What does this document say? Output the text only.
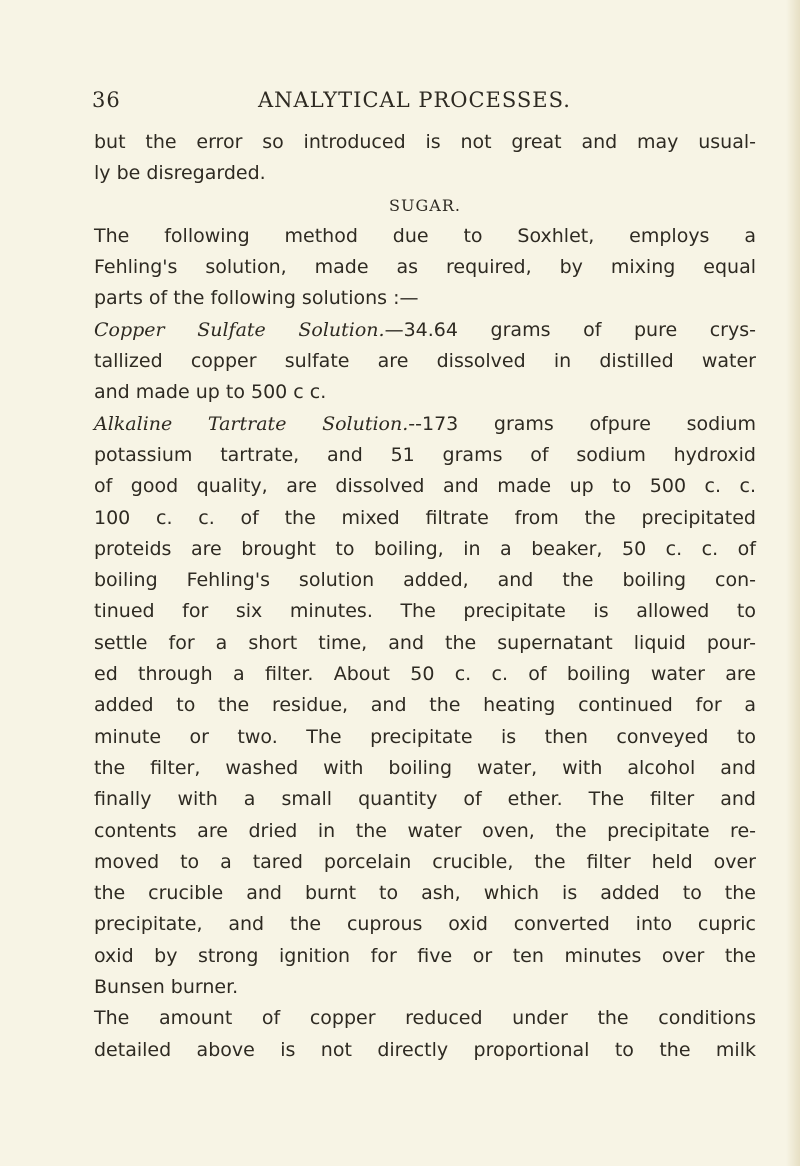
36	ANALYTICAL PROCESSES.
but the error so introduced is not great and may usual-
ly be disregarded.
SUGAR.
The following method due to Soxhlet, employs a
Fehling's solution, made as required, by mixing equal
parts of the following solutions :—
Copper Sulfate Solution.—34.64 grams of pure crys-
tallized copper sulfate are dissolved in distilled water
and made up to 500 c c.
Alkaline Tartrate Solution.--173 grams ofpure sodium
potassium tartrate, and 51 grams of sodium hydroxid
of good quality, are dissolved and made up to 500 c. c.
100 c. c. of the mixed filtrate from the precipitated
proteids are brought to boiling, in a beaker, 50 c. c. of
boiling Fehling's solution added, and the boiling con-
tinued for six minutes. The precipitate is allowed to
settle for a short time, and the supernatant liquid pour-
ed through a filter. About 50 c. c. of boiling water are
added to the residue, and the heating continued for a
minute or two. The precipitate is then conveyed to
the filter, washed with boiling water, with alcohol and
finally with a small quantity of ether. The filter and
contents are dried in the water oven, the precipitate re-
moved to a tared porcelain crucible, the filter held over
the crucible and burnt to ash, which is added to the
precipitate, and the cuprous oxid converted into cupric
oxid by strong ignition for five or ten minutes over the
Bunsen burner.
The amount of copper reduced under the conditions
detailed above is not directly proportional to the milk
